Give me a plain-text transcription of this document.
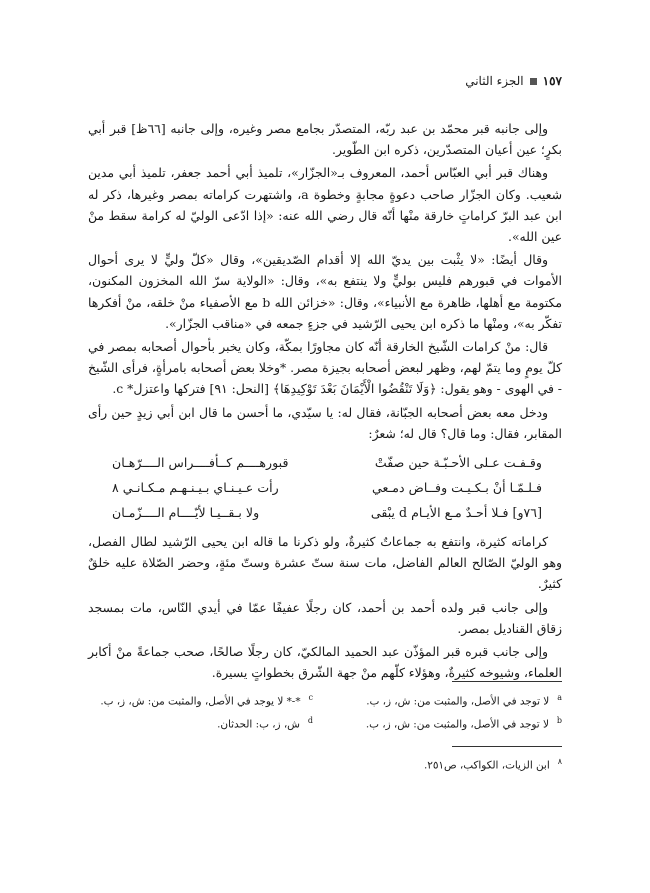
١٥٧
الجزء الثاني

وإلى جانبه قبر محمّد بن عبد ربّه، المتصدّر بجامع مصر وغيره، وإلى جانبه [٦٦ظ] قبر أبي بكرٍ؛ عين أعيان المتصدّرين، ذكره ابن الطّوير.

وهناك قبر أبي العبّاس أحمد، المعروف بـ«الجزّار»، تلميذ أبي أحمد جعفر، تلميذ أبي مدين شعيب. وكان الجزّار صاحب دعوةٍ مجابةٍ وخطوة a، واشتهرت كراماته بمصر وغيرها، ذكر له ابن عبد البرّ كراماتٍ خارقة منْها أنّه قال رضي الله عنه: «إذا ادّعى الوليّ له كرامة سقط منْ عين الله».

وقال أيضًا: «لا يثْبت بين يديّ الله إلا أقدام الصّديقين»، وقال «كلّ وليٍّ لا يرى أحوال الأموات في قبورهم فليس بوليٍّ ولا ينتفع به»، وقال: «الولاية سرّ الله المخزون المكنون، مكتومة مع أهلها، ظاهرة مع الأنبياء»، وقال: «خزائن الله b مع الأصفياء منْ خلقه، منْ أفكرها تفكّر به»، ومنْها ما ذكره ابن يحيى الرّشيد في جزءٍ جمعه في «مناقب الجزّار».

قال: منْ كرامات الشّيخ الخارقة أنّه كان مجاورًا بمكّة، وكان يخبر بأحوال أصحابه بمصر في كلّ يومٍ وما يتمّ لهم، وظهر لبعض أصحابه بجيزة مصر. *وخلا بعض أصحابه بامرأةٍ، فرأى الشّيخ - في الهوى - وهو يقول: ﴿وَلَا تَنْقُضُوا الْأَيْمَانَ بَعْدَ تَوْكِيدِهَا﴾ [النحل: ٩١] فتركها واعتزل* c.

ودخل معه بعض أصحابه الجبّانة، فقال له: يا سيّدي، ما أحسن ما قال ابن أبي زيدٍ حين رأى المقابر، فقال: وما قال؟ قال له؛ شعرٌ:

وقـفـت عـلى الأحـبّـة حين صفّتْ
قبورهــــم كــأفــــراس الــــرّهـان
فـلـمّـا أنْ بـكـيـت وفــاض دمـعي
رأت عـيـنـاي بـيـنـهـم مـكـانـي ٨
[٧٦و] فـلا أحـدٌ مـع الأيـام d يبْقى
ولا بـقــيـا لأيّــــام الــــزّمـان

كراماته كثيرة، وانتفع به جماعاتٌ كثيرةٌ، ولو ذكرنا ما قاله ابن يحيى الرّشيد لطال الفصل، وهو الوليّ الصّالح العالم الفاضل، مات سنة ستّ عشرة وستّ مئةٍ، وحضر الصّلاة عليه خلقٌ كثيرٌ.

وإلى جانب قبر ولده أحمد بن أحمد، كان رجلًا عفيفًا عمّا في أيدي النّاس، مات بمسجد زقاق القناديل بمصر.

وإلى جانب قبره قبر المؤذّن عبد الحميد المالكيّ، كان رجلًا صالحًا، صحب جماعةً منْ أكابر العلماء، وشيوخه كثيرةٌ، وهؤلاء كلّهم منْ جهة الشّرق بخطواتٍ يسيرة.

$^a$لا توجد في الأصل، والمثبت من: ش، ز، ب.
$^c$*-* لا يوجد في الأصل، والمثبت من: ش، ز، ب.
$^b$لا توجد في الأصل، والمثبت من: ش، ز، ب.
$^d$ش، ز، ب: الحدثان.
$^٨$ابن الزيات، الكواكب، ص٢٥١.
